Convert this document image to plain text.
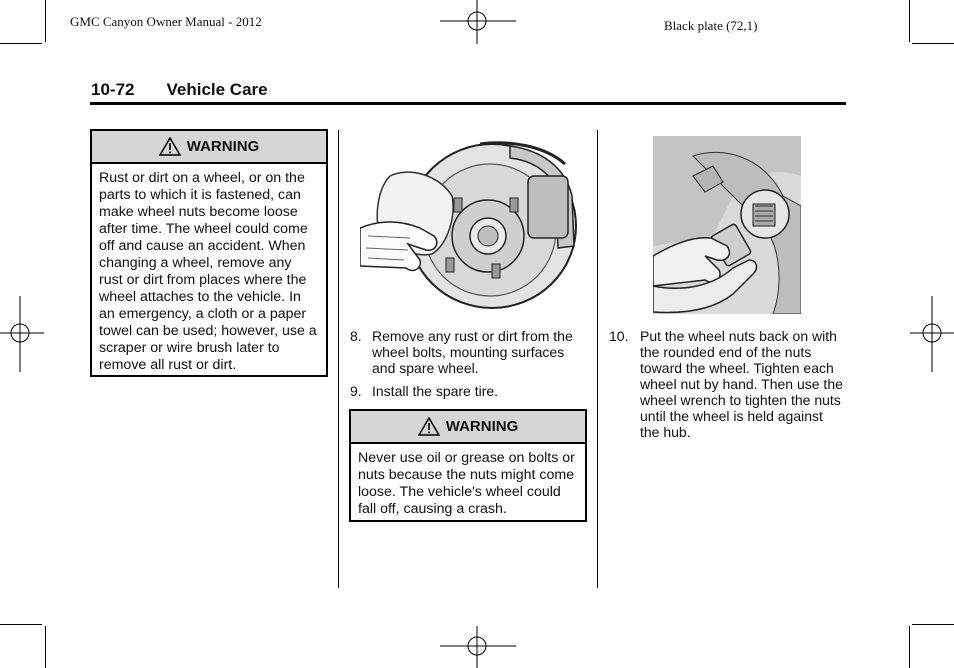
GMC Canyon Owner Manual - 2012	Black plate (72,1)
10-72 Vehicle Care
WARNING
Rust or dirt on a wheel, or on the parts to which it is fastened, can make wheel nuts become loose after time. The wheel could come off and cause an accident. When changing a wheel, remove any rust or dirt from places where the wheel attaches to the vehicle. In an emergency, a cloth or a paper towel can be used; however, use a scraper or wire brush later to remove all rust or dirt.
8. Remove any rust or dirt from the wheel bolts, mounting surfaces and spare wheel.
9. Install the spare tire.
WARNING
Never use oil or grease on bolts or nuts because the nuts might come loose. The vehicle's wheel could fall off, causing a crash.
10. Put the wheel nuts back on with the rounded end of the nuts toward the wheel. Tighten each wheel nut by hand. Then use the wheel wrench to tighten the nuts until the wheel is held against the hub.
